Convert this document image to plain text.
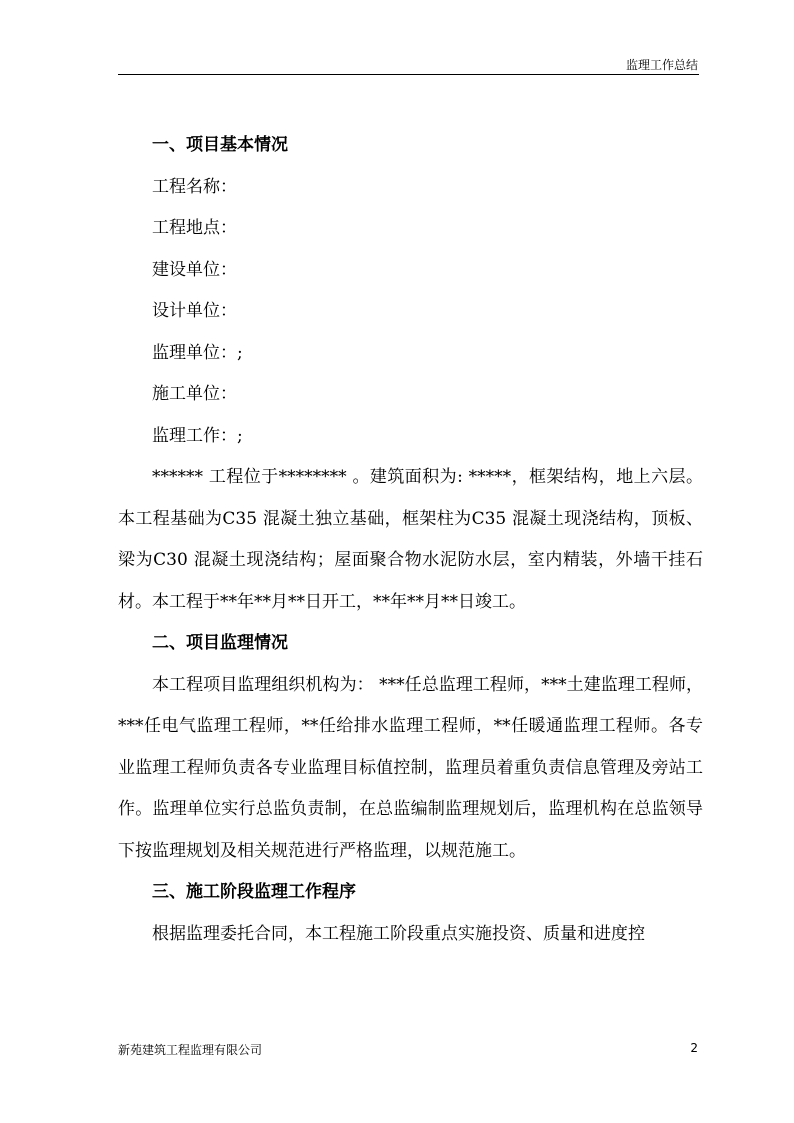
监理工作总结

一、项目基本情况

工程名称：

工程地点：

建设单位：

设计单位：

监理单位：;

施工单位：

监理工作：;

****** 工程位于******** 。建筑面积为: *****，框架结构，地上六层。本工程基础为C35 混凝土独立基础，框架柱为C35 混凝土现浇结构，顶板、梁为C30 混凝土现浇结构；屋面聚合物水泥防水层，室内精装，外墙干挂石材。本工程于**年**月**日开工，**年**月**日竣工。

二、项目监理情况

本工程项目监理组织机构为： ***任总监理工程师，***土建监理工程师，***任电气监理工程师，**任给排水监理工程师，**任暖通监理工程师。各专业监理工程师负责各专业监理目标值控制，监理员着重负责信息管理及旁站工作。监理单位实行总监负责制，在总监编制监理规划后，监理机构在总监领导下按监理规划及相关规范进行严格监理，以规范施工。

三、施工阶段监理工作程序

根据监理委托合同，本工程施工阶段重点实施投资、质量和进度控

新苑建筑工程监理有限公司	2
